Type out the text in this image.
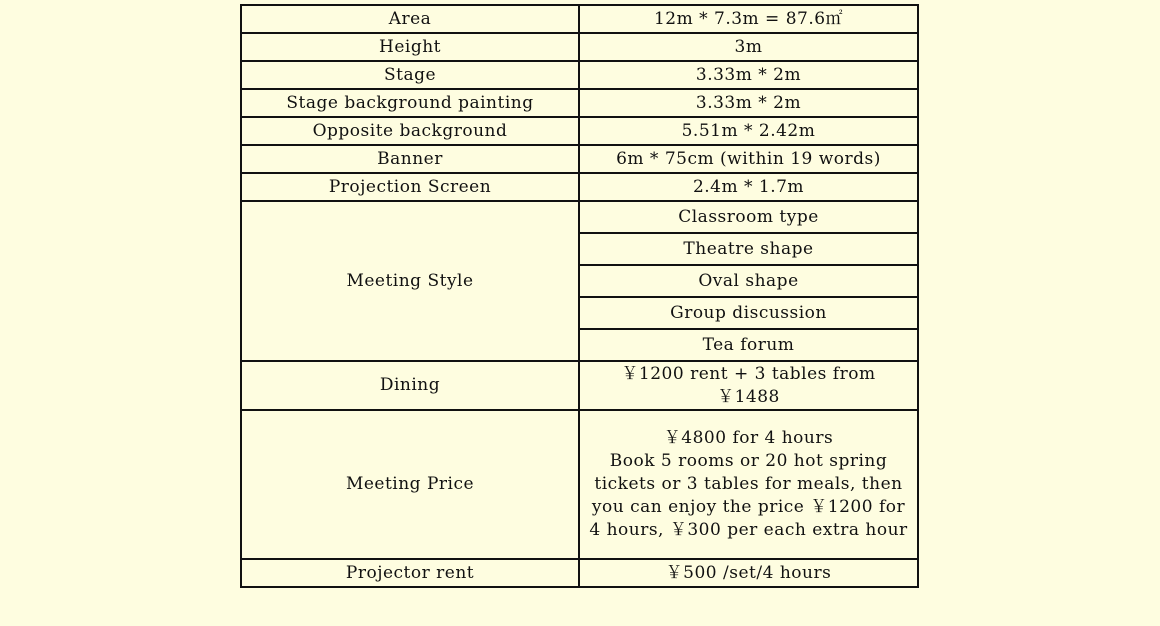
Area	12m * 7.3m = 87.6㎡
Height	3m
Stage	3.33m * 2m
Stage background painting	3.33m * 2m
Opposite background	5.51m * 2.42m
Banner	6m * 75cm (within 19 words)
Projection Screen	2.4m * 1.7m
Meeting Style	Classroom type
	Theatre shape
	Oval shape
	Group discussion
	Tea forum
Dining	￥1200 rent + 3 tables from ￥1488
Meeting Price	￥4800 for 4 hours
Book 5 rooms or 20 hot spring tickets or 3 tables for meals, then you can enjoy the price ￥1200 for 4 hours, ￥300 per each extra hour

Projector rent	￥500 /set/4 hours
